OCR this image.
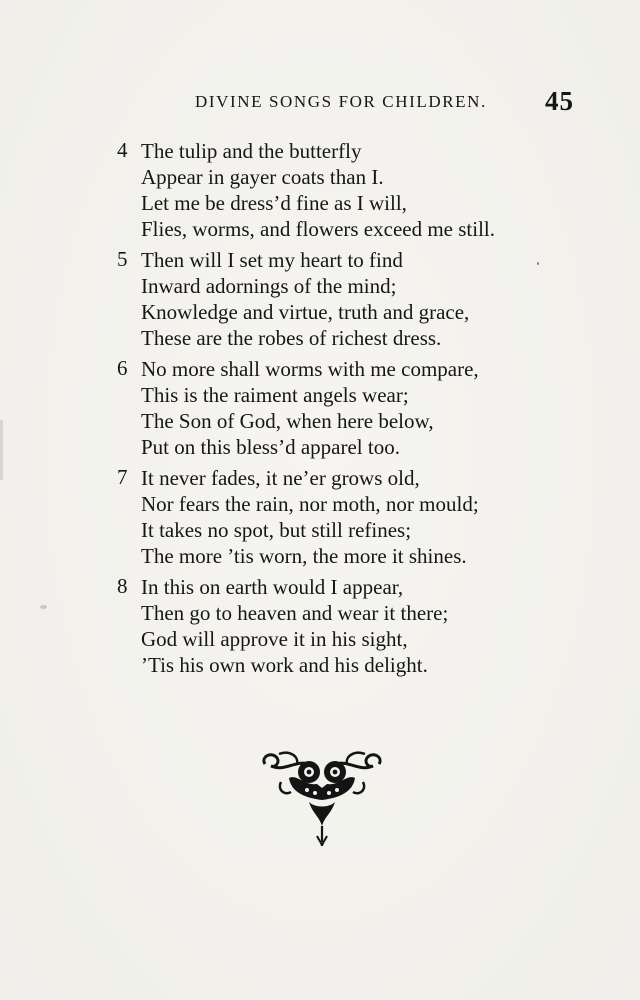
DIVINE SONGS FOR CHILDREN. 45
4 The tulip and the butterfly
Appear in gayer coats than I.
Let me be dress’d fine as I will,
Flies, worms, and flowers exceed me still.
5 Then will I set my heart to find
Inward adornings of the mind;
Knowledge and virtue, truth and grace,
These are the robes of richest dress.
6 No more shall worms with me compare,
This is the raiment angels wear;
The Son of God, when here below,
Put on this bless’d apparel too.
7 It never fades, it ne’er grows old,
Nor fears the rain, nor moth, nor mould;
It takes no spot, but still refines;
The more ’tis worn, the more it shines.
8 In this on earth would I appear,
Then go to heaven and wear it there;
God will approve it in his sight,
’Tis his own work and his delight.
